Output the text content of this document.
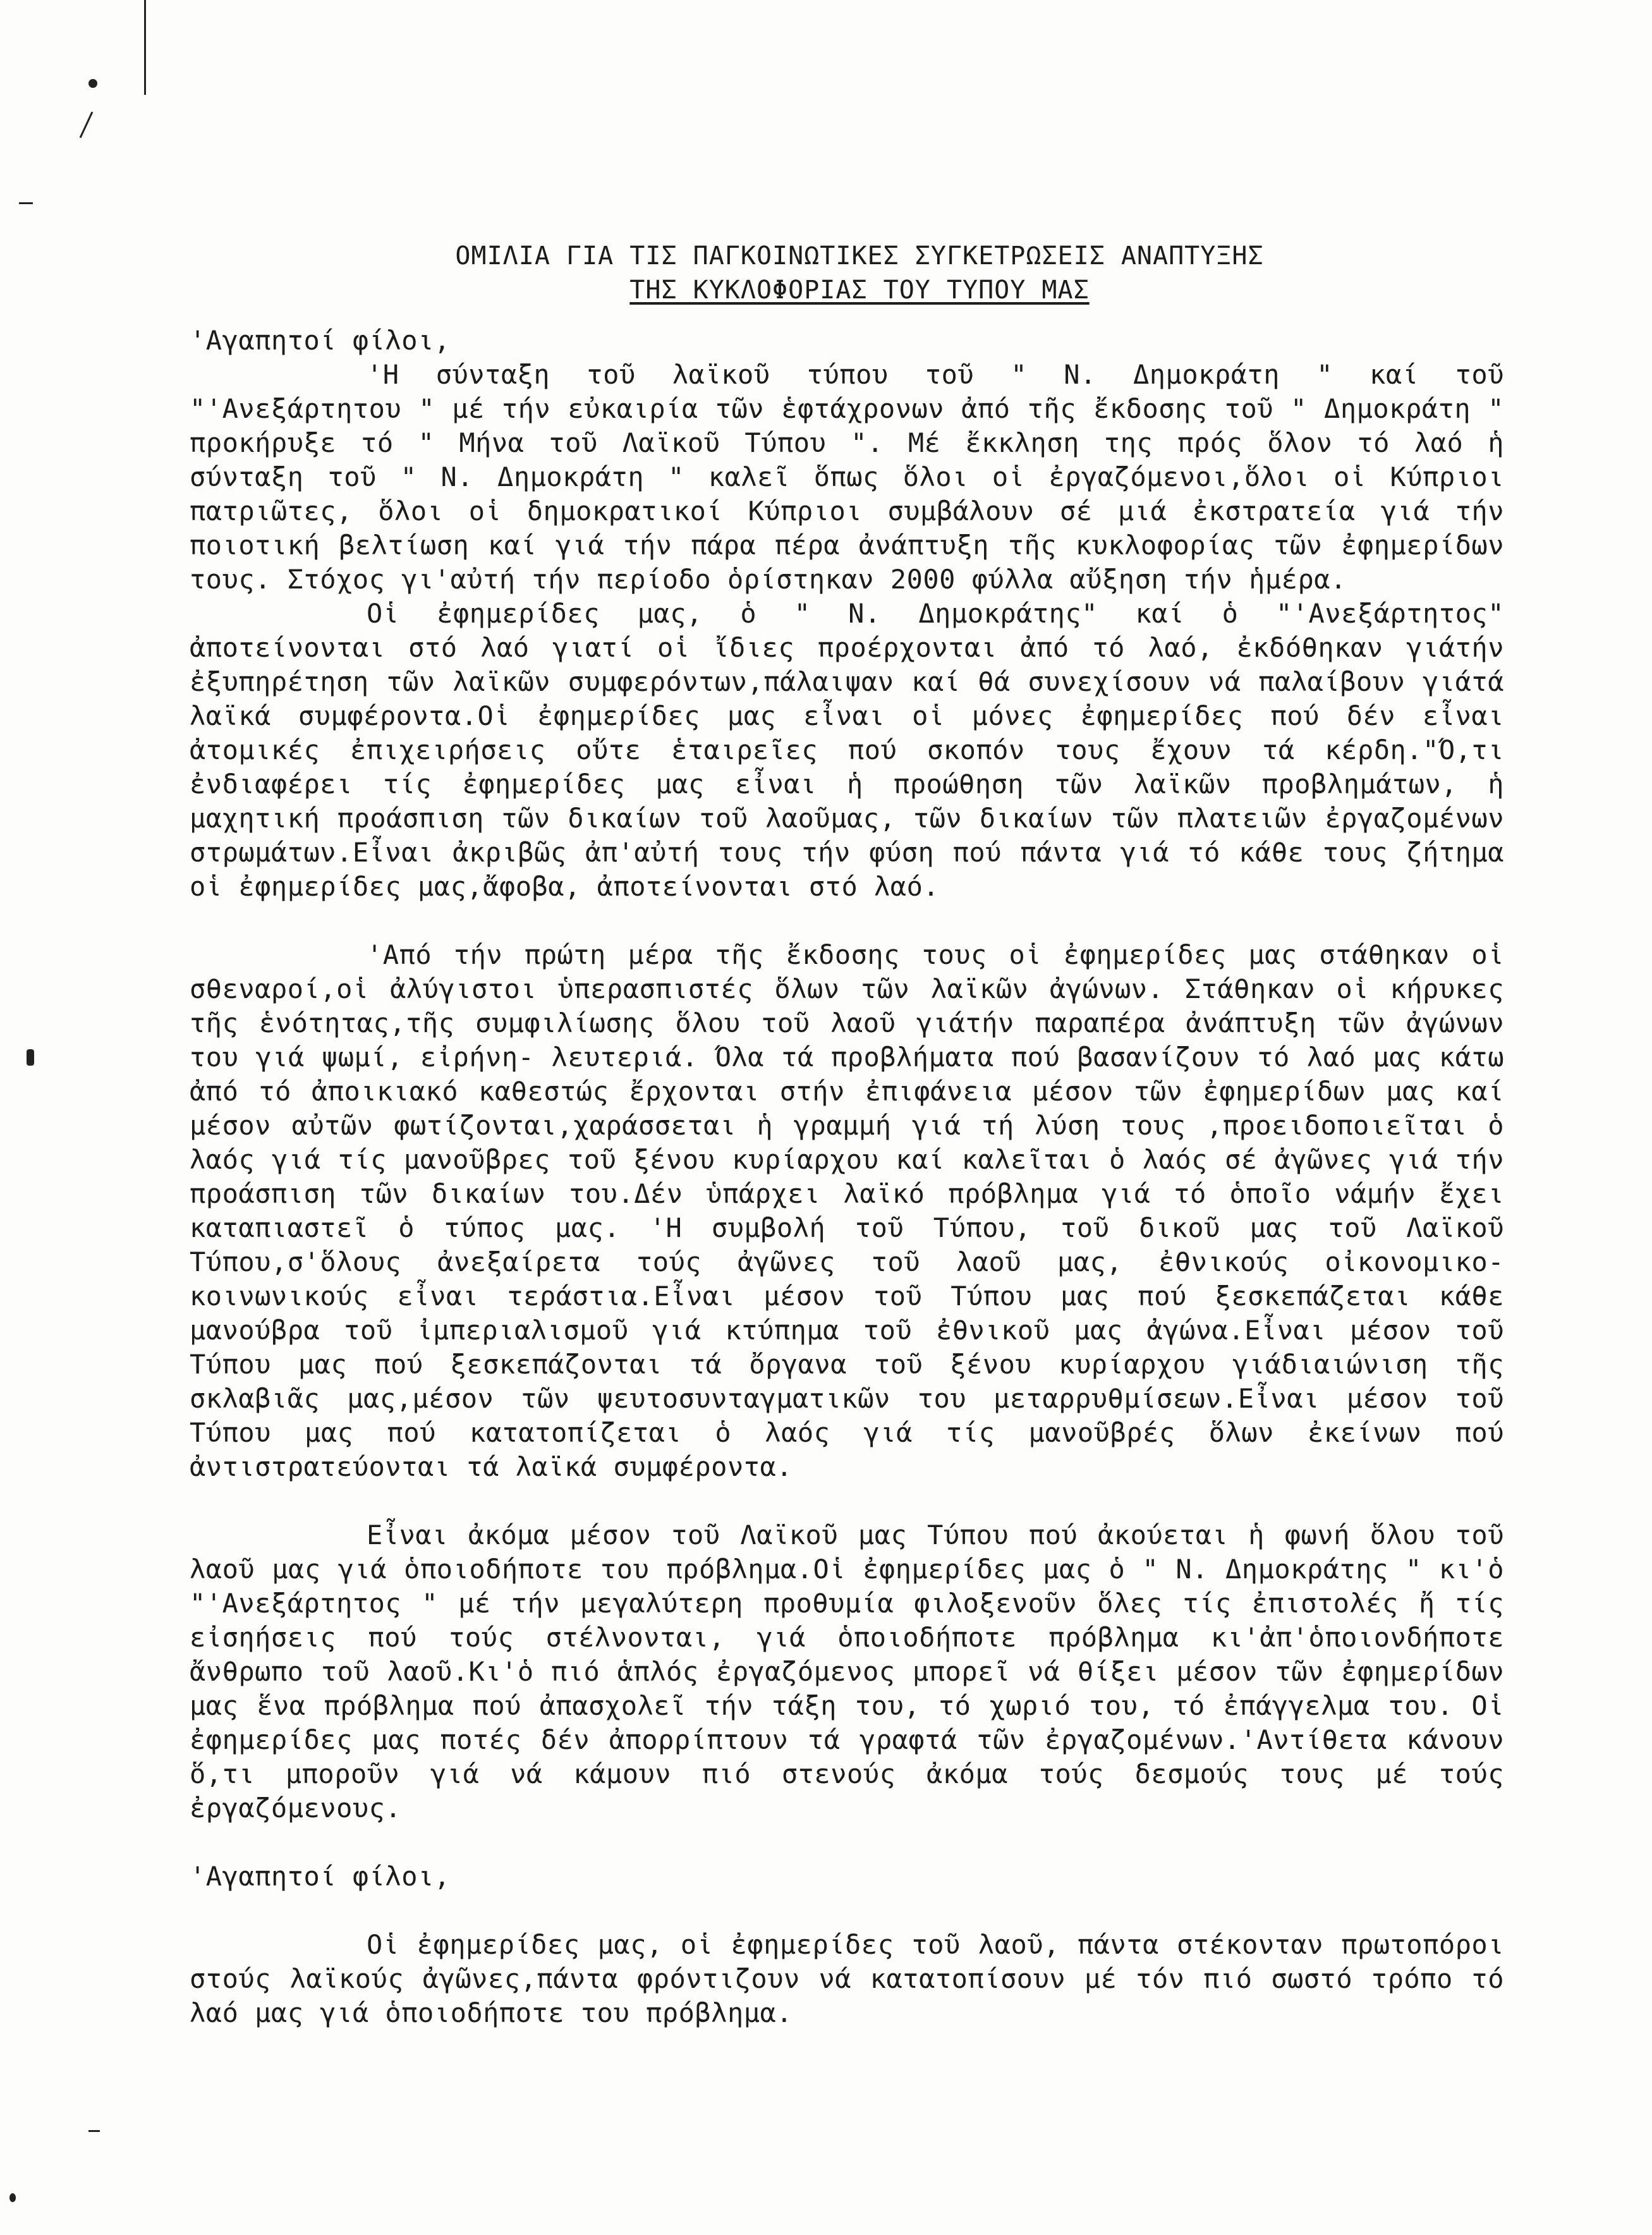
ΟΜΙΛΙΑ ΓΙΑ ΤΙΣ ΠΑΓΚΟΙΝΩΤΙΚΕΣ ΣΥΓΚΕΤΡΩΣΕΙΣ ΑΝΑΠΤΥΞΗΣ
ΤΗΣ ΚΥΚΛΟΦΟΡΙΑΣ ΤΟΥ ΤΥΠΟΥ ΜΑΣ

'Αγαπητοί φίλοι,

'Η σύνταξη τοῦ λαϊκοῦ τύπου τοῦ " Ν. Δημοκράτη " καί τοῦ "'Ανεξάρτητου " μέ τήν εὐκαιρία τῶν ἑφτάχρονων ἀπό τῆς ἔκδοσης τοῦ " Δημοκράτη " προκήρυξε τό " Μήνα τοῦ Λαϊκοῦ Τύπου ". Μέ ἔκκληση της πρός ὅλον τό λαό ἡ σύνταξη τοῦ " Ν. Δημοκράτη " καλεῖ ὅπως ὅλοι οἱ ἐργαζόμενοι,ὅλοι οἱ Κύπριοι πατριῶτες, ὅλοι οἱ δημοκρατικοί Κύπριοι συμβάλουν σέ μιά ἐκστρατεία γιά τήν ποιοτική βελτίωση καί γιά τήν πάρα πέρα ἀνάπτυξη τῆς κυκλοφορίας τῶν ἐφημερίδων τους. Στόχος γι'αὐτή τήν περίοδο ὁρίστηκαν 2000 φύλλα αὔξηση τήν ἡμέρα.

Οἱ ἐφημερίδες μας, ὁ " Ν. Δημοκράτης" καί ὁ "'Ανεξάρτητος" ἀποτείνονται στό λαό γιατί οἱ ἴδιες προέρχονται ἀπό τό λαό, ἐκδόθηκαν γιάτήν ἐξυπηρέτηση τῶν λαϊκῶν συμφερόντων,πάλαιψαν καί θά συνεχίσουν νά παλαίβουν γιάτά λαϊκά συμφέροντα.Οἱ ἐφημερίδες μας εἶναι οἱ μόνες ἐφημερίδες πού δέν εἶναι ἀτομικές ἐπιχειρήσεις οὔτε ἑταιρεῖες πού σκοπόν τους ἔχουν τά κέρδη."Ό,τι ἐνδιαφέρει τίς ἐφημερίδες μας εἶναι ἡ προώθηση τῶν λαϊκῶν προβλημάτων, ἡ μαχητική προάσπιση τῶν δικαίων τοῦ λαοῦμας, τῶν δικαίων τῶν πλατειῶν ἐργαζομένων στρωμάτων.Εἶναι ἀκριβῶς ἀπ'αὐτή τους τήν φύση πού πάντα γιά τό κάθε τους ζήτημα οἱ ἐφημερίδες μας,ἄφοβα, ἀποτείνονται στό λαό.

'Από τήν πρώτη μέρα τῆς ἔκδοσης τους οἱ ἐφημερίδες μας στάθηκαν οἱ σθεναροί,οἱ ἀλύγιστοι ὑπερασπιστές ὅλων τῶν λαϊκῶν ἀγώνων. Στάθηκαν οἱ κήρυκες τῆς ἑνότητας,τῆς συμφιλίωσης ὅλου τοῦ λαοῦ γιάτήν παραπέρα ἀνάπτυξη τῶν ἀγώνων του γιά ψωμί, εἰρήνη- λευτεριά. Όλα τά προβλήματα πού βασανίζουν τό λαό μας κάτω ἀπό τό ἀποικιακό καθεστώς ἔρχονται στήν ἐπιφάνεια μέσον τῶν ἐφημερίδων μας καί μέσον αὐτῶν φωτίζονται,χαράσσεται ἡ γραμμή γιά τή λύση τους ,προειδοποιεῖται ὁ λαός γιά τίς μανοῦβρες τοῦ ξένου κυρίαρχου καί καλεῖται ὁ λαός σέ ἀγῶνες γιά τήν προάσπιση τῶν δικαίων του.Δέν ὑπάρχει λαϊκό πρόβλημα γιά τό ὁποῖο νάμήν ἔχει καταπιαστεῖ ὁ τύπος μας. 'Η συμβολή τοῦ Τύπου, τοῦ δικοῦ μας τοῦ Λαϊκοῦ Τύπου,σ'ὅλους ἀνεξαίρετα τούς ἀγῶνες τοῦ λαοῦ μας, ἐθνικούς οἰκονομικο-κοινωνικούς εἶναι τεράστια.Εἶναι μέσον τοῦ Τύπου μας πού ξεσκεπάζεται κάθε μανούβρα τοῦ ἰμπεριαλισμοῦ γιά κτύπημα τοῦ ἐθνικοῦ μας ἀγώνα.Εἶναι μέσον τοῦ Τύπου μας πού ξεσκεπάζονται τά ὄργανα τοῦ ξένου κυρίαρχου γιάδιαιώνιση τῆς σκλαβιᾶς μας,μέσον τῶν ψευτοσυνταγματικῶν του μεταρρυθμίσεων.Εἶναι μέσον τοῦ Τύπου μας πού κατατοπίζεται ὁ λαός γιά τίς μανοῦβρές ὅλων ἐκείνων πού ἀντιστρατεύονται τά λαϊκά συμφέροντα.

Εἶναι ἀκόμα μέσον τοῦ Λαϊκοῦ μας Τύπου πού ἀκούεται ἡ φωνή ὅλου τοῦ λαοῦ μας γιά ὁποιοδήποτε του πρόβλημα.Οἱ ἐφημερίδες μας ὁ " Ν. Δημοκράτης " κι'ὁ "'Ανεξάρτητος " μέ τήν μεγαλύτερη προθυμία φιλοξενοῦν ὅλες τίς ἐπιστολές ἤ τίς εἰσηήσεις πού τούς στέλνονται, γιά ὁποιοδήποτε πρόβλημα κι'ἀπ'ὁποιονδήποτε ἄνθρωπο τοῦ λαοῦ.Κι'ὁ πιό ἁπλός ἐργαζόμενος μπορεῖ νά θίξει μέσον τῶν ἐφημερίδων μας ἕνα πρόβλημα πού ἀπασχολεῖ τήν τάξη του, τό χωριό του, τό ἐπάγγελμα του. Οἱ ἐφημερίδες μας ποτές δέν ἀπορρίπτουν τά γραφτά τῶν ἐργαζομένων.'Αντίθετα κάνουν ὅ,τι μποροῦν γιά νά κάμουν πιό στενούς ἀκόμα τούς δεσμούς τους μέ τούς ἐργαζόμενους.

'Αγαπητοί φίλοι,

Οἱ ἐφημερίδες μας, οἱ ἐφημερίδες τοῦ λαοῦ, πάντα στέκονταν πρωτοπόροι στούς λαϊκούς ἀγῶνες,πάντα φρόντιζουν νά κατατοπίσουν μέ τόν πιό σωστό τρόπο τό λαό μας γιά ὁποιοδήποτε του πρόβλημα.
